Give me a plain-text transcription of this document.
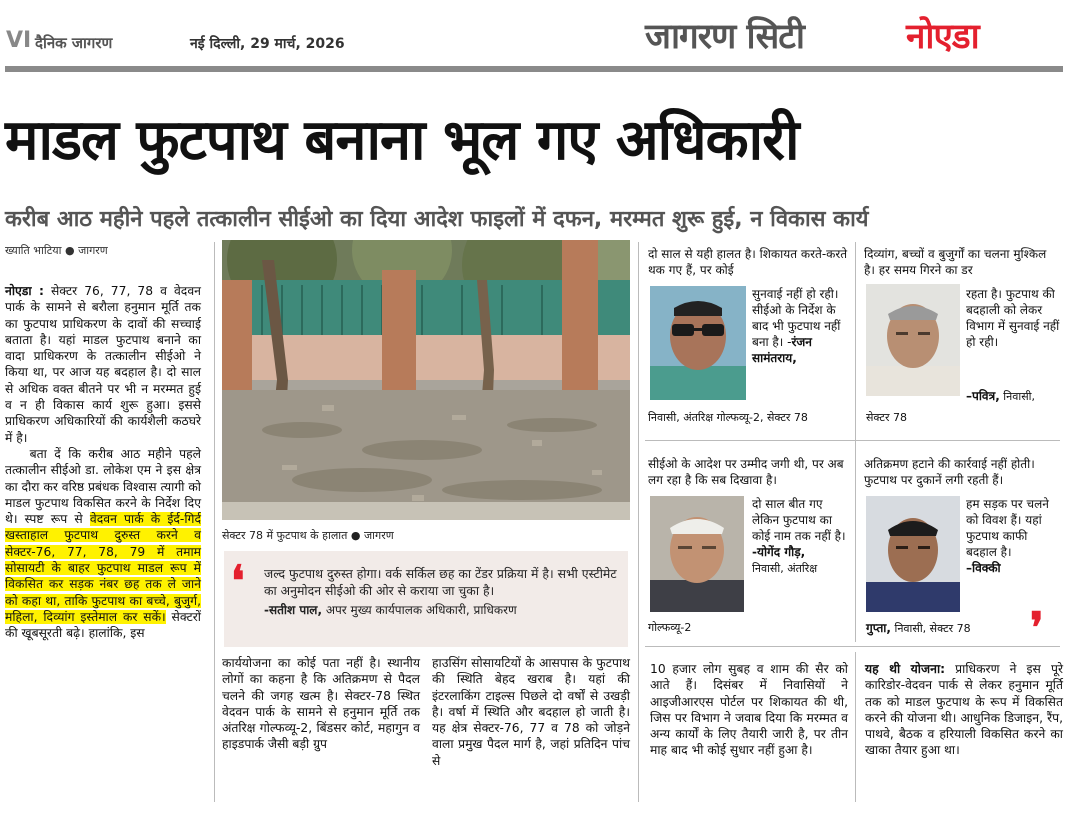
VI दैनिक जागरण	नई दिल्ली, 29 मार्च, 2026	जागरण सिटी	नोएडा
माडल फुटपाथ बनाना भूल गए अधिकारी
करीब आठ महीने पहले तत्कालीन सीईओ का दिया आदेश फाइलों में दफन, मरम्मत शुरू हुई, न विकास कार्य
ख्याति भाटिया ● जागरण

नोएडा : सेक्टर 76, 77, 78 व वेदवन पार्क के सामने से बरौला हनुमान मूर्ति तक का फुटपाथ प्राधिकरण के दावों की सच्चाई बताता है। यहां माडल फुटपाथ बनाने का वादा प्राधिकरण के तत्कालीन सीईओ ने किया था, पर आज यह बदहाल है। दो साल से अधिक वक्त बीतने पर भी न मरम्मत हुई व न ही विकास कार्य शुरू हुआ। इससे प्राधिकरण अधिकारियों की कार्यशैली कठघरे में है।

बता दें कि करीब आठ महीने पहले तत्कालीन सीईओ डा. लोकेश एम ने इस क्षेत्र का दौरा कर वरिष्ठ प्रबंधक विश्वास त्यागी को माडल फुटपाथ विकसित करने के निर्देश दिए थे। स्पष्ट रूप से वेदवन पार्क के ईर्द-गिर्द खस्ताहाल फुटपाथ दुरुस्त करने व सेक्टर-76, 77, 78, 79 में तमाम सोसायटी के बाहर फुटपाथ माडल रूप में विकसित कर सड़क नंबर छह तक ले जाने को कहा था, ताकि फुटपाथ का बच्चे, बुजुर्ग, महिला, दिव्यांग इस्तेमाल कर सकें। सेक्टरों की खूबसूरती बढ़े। हालांकि, इस

सेक्टर 78 में फुटपाथ के हालात ● जागरण
जल्द फुटपाथ दुरुस्त होगा। वर्क सर्किल छह का टेंडर प्रक्रिया में है। सभी एस्टीमेट का अनुमोदन सीईओ की ओर से कराया जा चुका है।
-सतीश पाल, अपर मुख्य कार्यपालक अधिकारी, प्राधिकरण
❛
कार्ययोजना का कोई पता नहीं है। स्थानीय लोगों का कहना है कि अतिक्रमण से पैदल चलने की जगह खत्म है। सेक्टर-78 स्थित वेदवन पार्क के सामने से हनुमान मूर्ति तक अंतरिक्ष गोल्फव्यू-2, बिंडसर कोर्ट, महागुन व हाइडपार्क जैसी बड़ी ग्रुप
हाउसिंग सोसायटियों के आसपास के फुटपाथ की स्थिति बेहद खराब है। यहां की इंटरलाकिंग टाइल्स पिछले दो वर्षों से उखड़ी है। वर्षा में स्थिति और बदहाल हो जाती है। यह क्षेत्र सेक्टर-76, 77 व 78 को जोड़ने वाला प्रमुख पैदल मार्ग है, जहां प्रतिदिन पांच से
दो साल से यही हालत है। शिकायत करते-करते थक गए हैं, पर कोई
सुनवाई नहीं हो रही। सीईओ के निर्देश के बाद भी फुटपाथ नहीं बना है। -रंजन सामंतराय,
निवासी, अंतरिक्ष गोल्फव्यू-2, सेक्टर 78
दिव्यांग, बच्चों व बुजुर्गों का चलना मुश्किल है। हर समय गिरने का डर
रहता है। फुटपाथ की बदहाली को लेकर विभाग में सुनवाई नहीं हो रही।
–पवित्र, निवासी,
सेक्टर 78
सीईओ के आदेश पर उम्मीद जगी थी, पर अब लग रहा है कि सब दिखावा है।
दो साल बीत गए लेकिन फुटपाथ का कोई नाम तक नहीं है।
-योगेंद गौड़,
निवासी, अंतरिक्ष
गोल्फव्यू-2
अतिक्रमण हटाने की कार्रवाई नहीं होती। फुटपाथ पर दुकानें लगी रहती हैं।
हम सड़क पर चलने को विवश हैं। यहां फुटपाथ काफी बदहाल है।
–विक्की
गुप्ता, निवासी, सेक्टर 78	❜
10 हजार लोग सुबह व शाम की सैर को आते हैं। दिसंबर में निवासियों ने आइजीआरएस पोर्टल पर शिकायत की थी, जिस पर विभाग ने जवाब दिया कि मरम्मत व अन्य कार्यों के लिए तैयारी जारी है, पर तीन माह बाद भी कोई सुधार नहीं हुआ है।
यह थी योजना: प्राधिकरण ने इस पूरे कारिडोर-वेदवन पार्क से लेकर हनुमान मूर्ति तक को माडल फुटपाथ के रूप में विकसित करने की योजना थी। आधुनिक डिजाइन, रैंप, पाथवे, बैठक व हरियाली विकसित करने का खाका तैयार हुआ था।
